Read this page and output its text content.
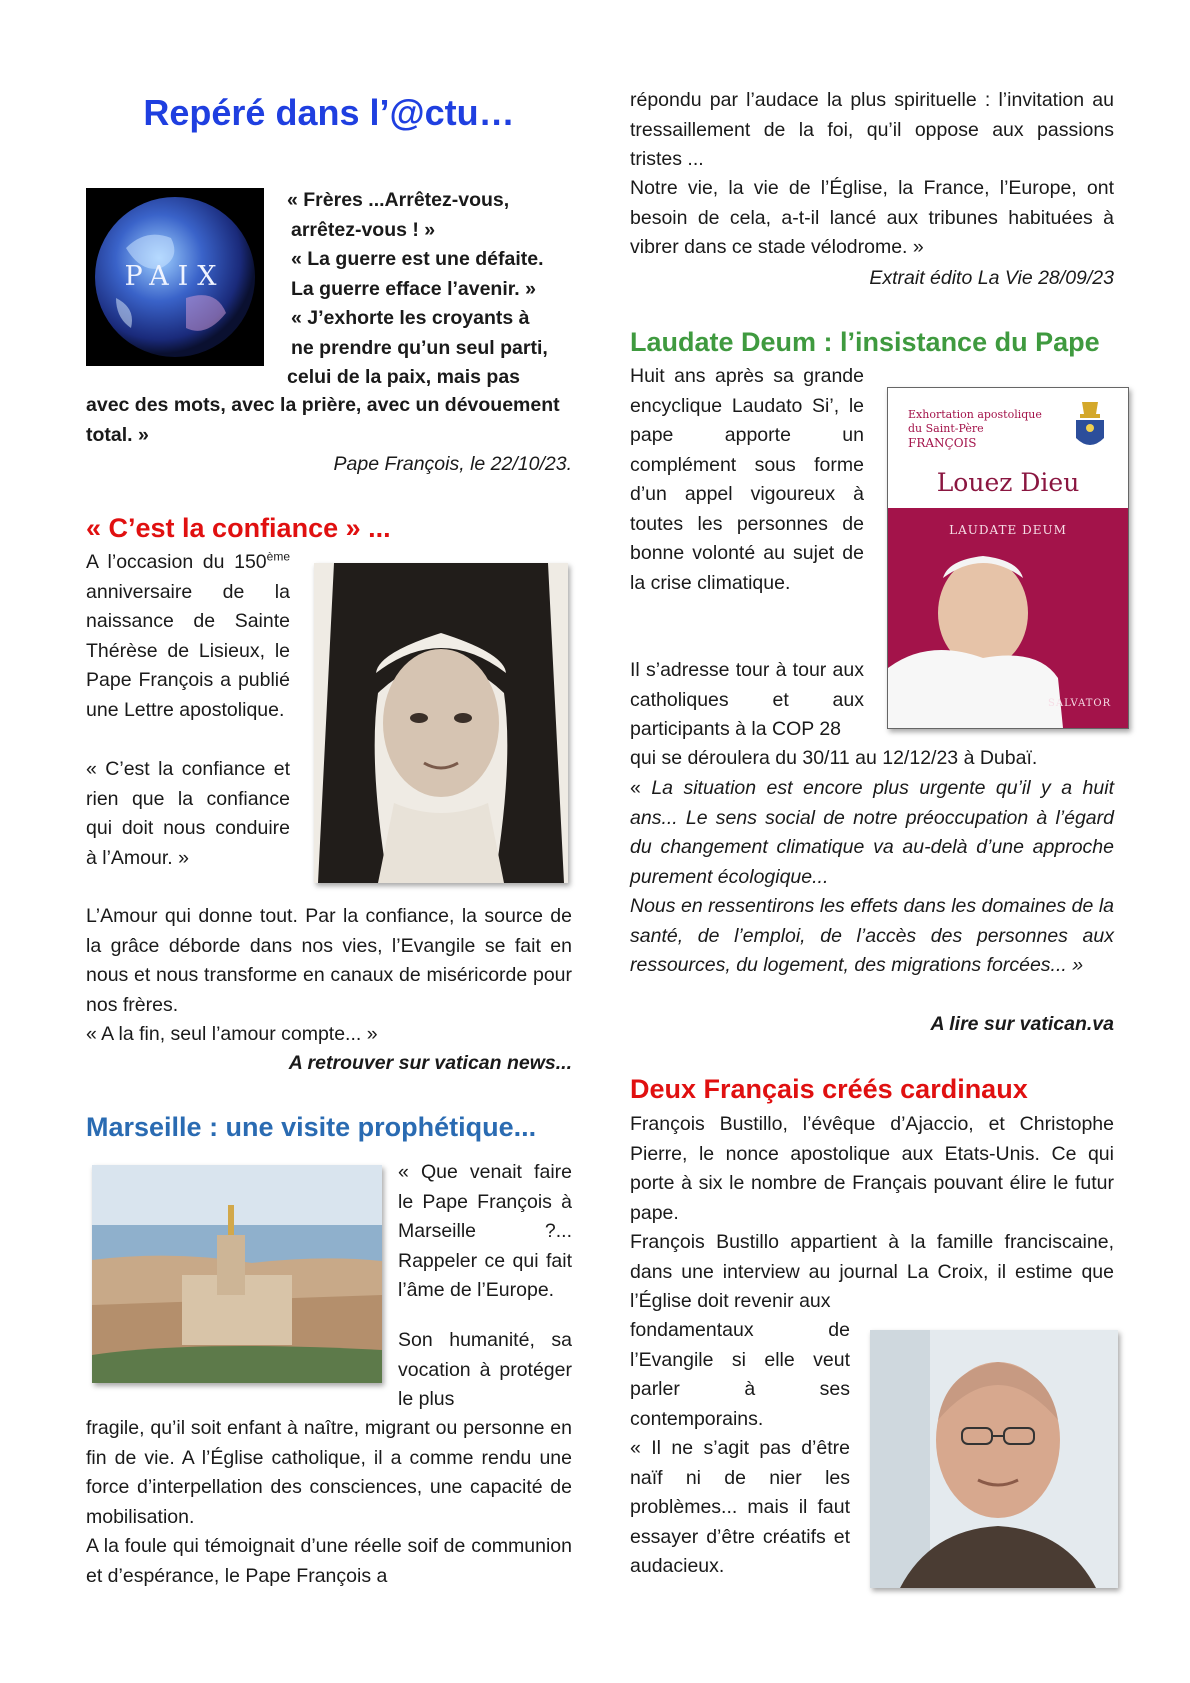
Repéré dans l’@ctu…
PAIX

« Frères ...Arrêtez-vous,

arrêtez-vous ! »

« La guerre est une défaite.

La guerre efface l’avenir. »

« J’exhorte les croyants à

ne prendre qu’un seul parti,

celui de la paix, mais pas

avec des mots, avec la prière, avec un dévouement total. »

Pape François, le 22/10/23.

« C’est la confiance » ...

A l’occasion du 150ème anniversaire de la naissance de Sainte Thérèse de Lisieux, le Pape François a publié une Lettre apostolique.

« C’est la confiance et rien que la confiance qui doit nous conduire à l’Amour. »

L’Amour qui donne tout. Par la confiance, la source de la grâce déborde dans nos vies, l’Evangile se fait en nous et nous transforme en canaux de miséricorde pour nos frères.

« A la fin, seul l’amour compte... »

A retrouver sur vatican news...

Marseille : une visite prophétique...

« Que venait faire le Pape François à Marseille ?... Rappeler ce qui fait l’âme de l’Europe.

Son humanité, sa vocation à protéger le plus

fragile, qu’il soit enfant à naître, migrant ou personne en fin de vie. A l’Église catholique, il a comme rendu une force d’interpellation des consciences, une capacité de mobilisation.

A la foule qui témoignait d’une réelle soif de communion et d’espérance, le Pape François a

répondu par l’audace la plus spirituelle : l’invitation au tressaillement de la foi, qu’il oppose aux passions tristes ...

Notre vie, la vie de l’Église, la France, l’Europe, ont besoin de cela, a-t-il lancé aux tribunes habituées à vibrer dans ce stade vélodrome. »

Extrait édito La Vie 28/09/23

Laudate Deum : l’insistance du Pape
Exhortation apostolique
du Saint-Père
FRANÇOIS
Louez Dieu
LAUDATE DEUM
SALVATOR

Huit ans après sa grande encyclique Laudato Si’, le pape apporte un complément sous forme d’un appel vigoureux à toutes les personnes de bonne volonté au sujet de la crise climatique.

Il s’adresse tour à tour aux catholiques et aux participants à la COP 28

qui se déroulera du 30/11 au 12/12/23 à Dubaï.

« La situation est encore plus urgente qu’il y a huit ans... Le sens social de notre préoccupation à l’égard du changement climatique va au-delà d’une approche purement écologique...

Nous en ressentirons les effets dans les domaines de la santé, de l’emploi, de l’accès des personnes aux ressources, du logement, des migrations forcées... »

A lire sur vatican.va

Deux Français créés cardinaux

François Bustillo, l’évêque d’Ajaccio, et Christophe Pierre, le nonce apostolique aux Etats-Unis. Ce qui porte à six le nombre de Français pouvant élire le futur pape.

François Bustillo appartient à la famille franciscaine, dans une interview au journal La Croix, il estime que l’Église doit revenir aux

fondamentaux de l’Evangile si elle veut parler à ses contemporains.

« Il ne s’agit pas d’être naïf ni de nier les problèmes... mais il faut essayer d’être créatifs et audacieux.
